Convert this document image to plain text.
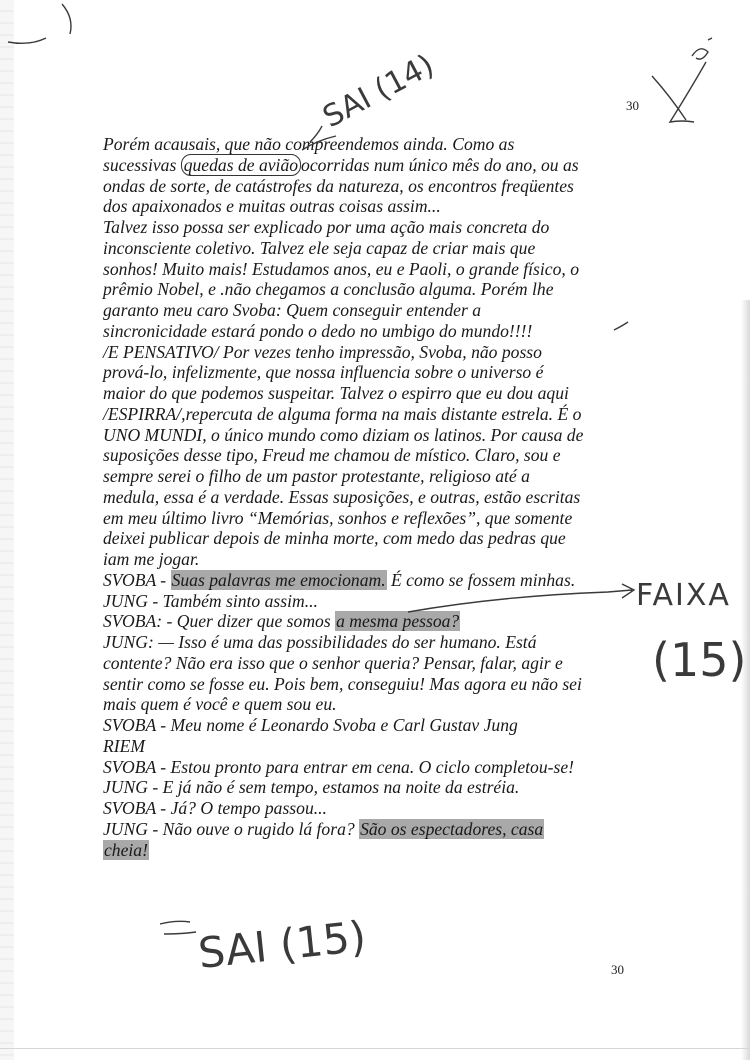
30
Porém acausais, que não compreendemos ainda. Como as
sucessivas quedas de avião ocorridas num único mês do ano, ou as
ondas de sorte, de catástrofes da natureza, os encontros freqüentes
dos apaixonados e muitas outras coisas assim...
Talvez isso possa ser explicado por uma ação mais concreta do
inconsciente coletivo. Talvez ele seja capaz de criar mais que
sonhos! Muito mais! Estudamos anos, eu e Paoli, o grande físico, o
prêmio Nobel, e .não chegamos a conclusão alguma. Porém lhe
garanto meu caro Svoba: Quem conseguir entender a
sincronicidade estará pondo o dedo no umbigo do mundo!!!!
/E PENSATIVO/ Por vezes tenho impressão, Svoba, não posso
prová-lo, infelizmente, que nossa influencia sobre o universo é
maior do que podemos suspeitar. Talvez o espirro que eu dou aqui
/ESPIRRA/,repercuta de alguma forma na mais distante estrela. É o
UNO MUNDI, o único mundo como diziam os latinos. Por causa de
suposições desse tipo, Freud me chamou de místico. Claro, sou e
sempre serei o filho de um pastor protestante, religioso até a
medula, essa é a verdade. Essas suposições, e outras, estão escritas
em meu último livro “Memórias, sonhos e reflexões”, que somente
deixei publicar depois de minha morte, com medo das pedras que
iam me jogar.
SVOBA - Suas palavras me emocionam. É como se fossem minhas.
JUNG - Também sinto assim...
SVOBA: - Quer dizer que somos a mesma pessoa?
JUNG: — Isso é uma das possibilidades do ser humano. Está
contente? Não era isso que o senhor queria? Pensar, falar, agir e
sentir como se fosse eu. Pois bem, conseguiu! Mas agora eu não sei
mais quem é você e quem sou eu.
SVOBA - Meu nome é Leonardo Svoba e Carl Gustav Jung
RIEM
SVOBA - Estou pronto para entrar em cena. O ciclo completou-se!
JUNG - E já não é sem tempo, estamos na noite da estréia.
SVOBA - Já? O tempo passou...
JUNG - Não ouve o rugido lá fora? São os espectadores, casa
cheia!
30
SAI (14)
FAIXA
(15)
SAI (15)
